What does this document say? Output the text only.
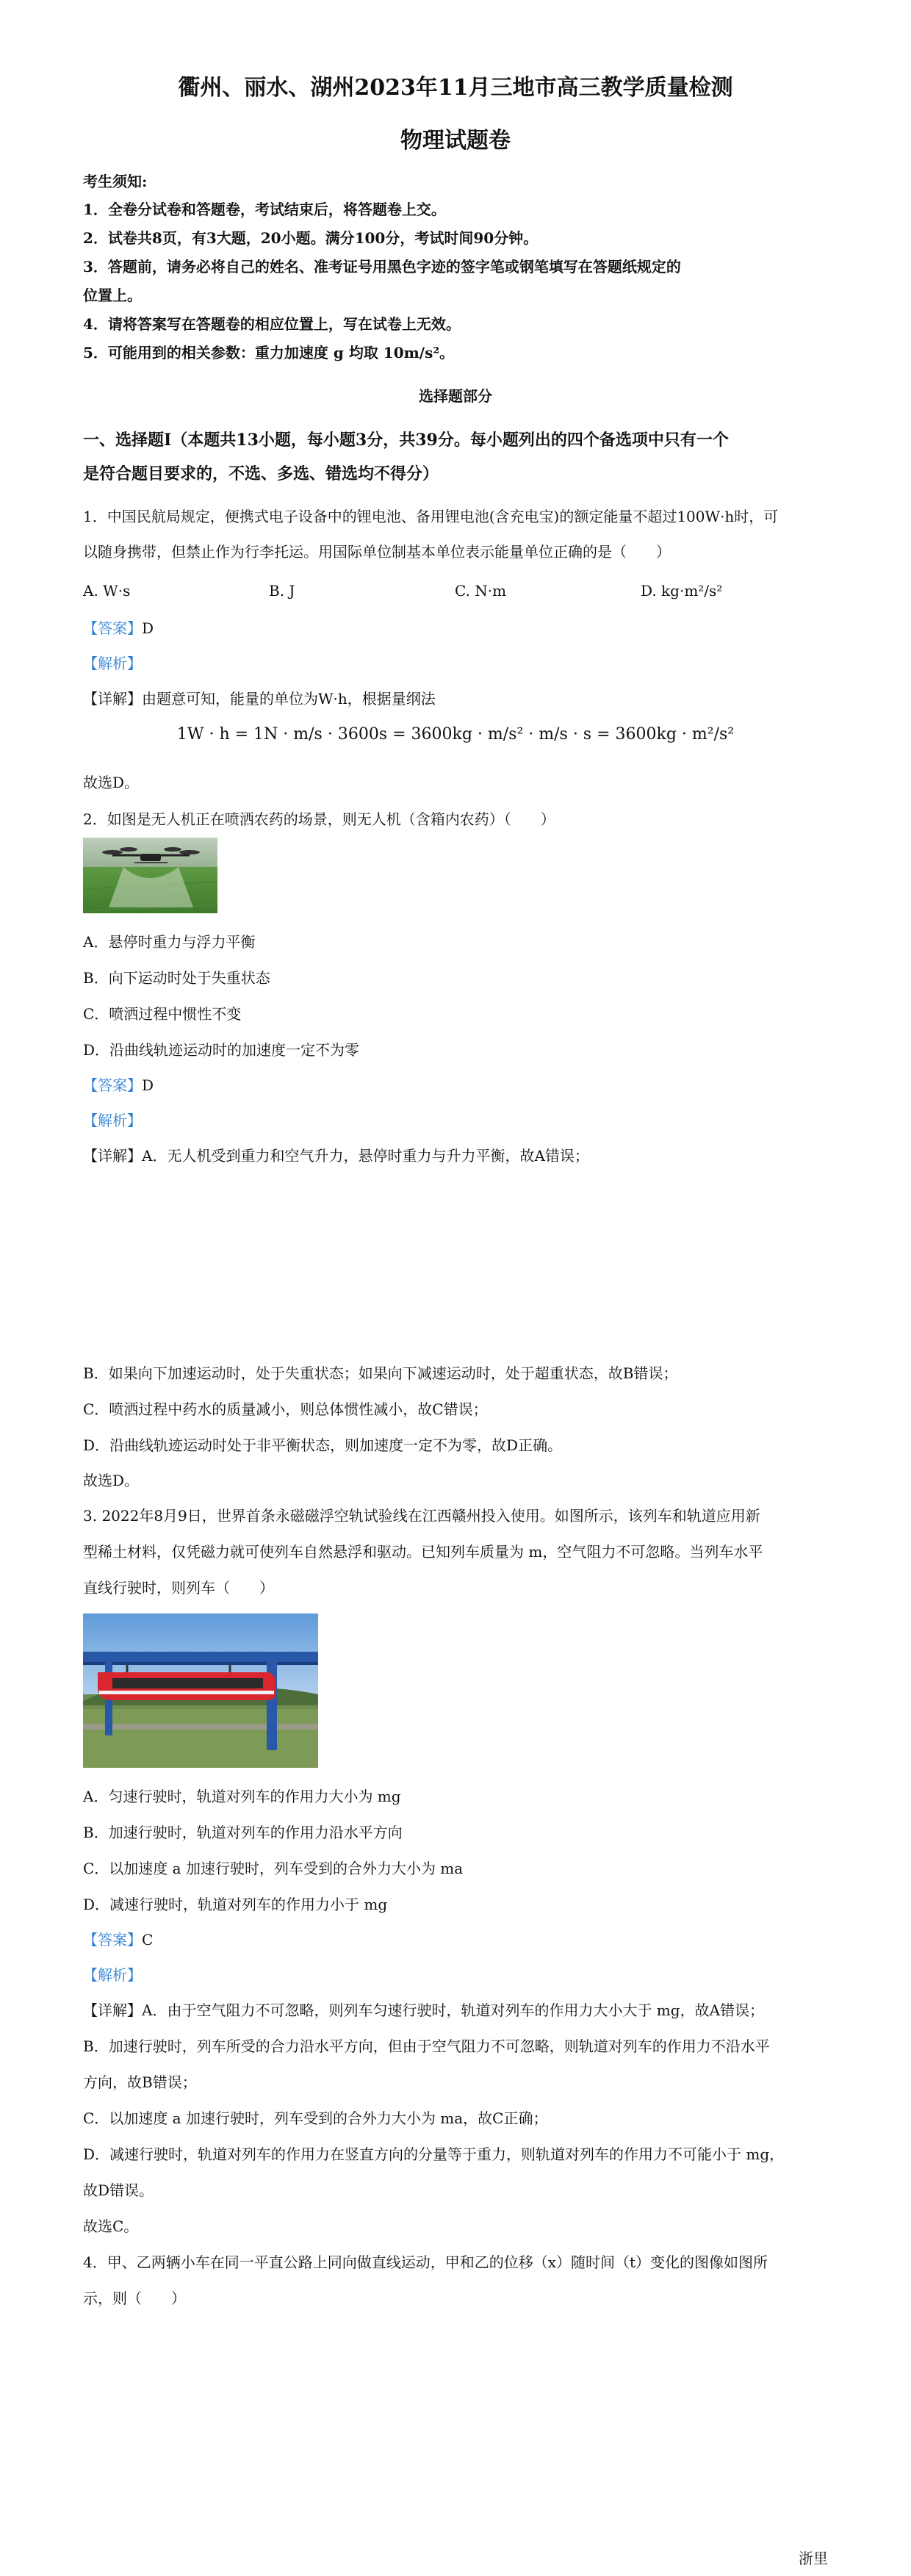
衢州、丽水、湖州2023年11月三地市高三教学质量检测
物理试题卷
考生须知:
1．全卷分试卷和答题卷，考试结束后，将答题卷上交。
2．试卷共8页，有3大题，20小题。满分100分，考试时间90分钟。
3．答题前，请务必将自己的姓名、准考证号用黑色字迹的签字笔或钢笔填写在答题纸规定的
位置上。
4．请将答案写在答题卷的相应位置上，写在试卷上无效。
5．可能用到的相关参数：重力加速度 g 均取 10m/s²。
选择题部分
一、选择题Ⅰ（本题共13小题，每小题3分，共39分。每小题列出的四个备选项中只有一个
是符合题目要求的，不选、多选、错选均不得分）
1．中国民航局规定，便携式电子设备中的锂电池、备用锂电池(含充电宝)的额定能量不超过100W·h时，可
以随身携带，但禁止作为行李托运。用国际单位制基本单位表示能量单位正确的是（　　）
A. W·s	B. J	C. N·m	D. kg·m²/s²
【答案】D
【解析】
【详解】由题意可知，能量的单位为W·h，根据量纲法
1W · h = 1N · m/s · 3600s = 3600kg · m/s² · m/s · s = 3600kg · m²/s²
故选D。
2．如图是无人机正在喷洒农药的场景，则无人机（含箱内农药）（　　）
A．悬停时重力与浮力平衡
B．向下运动时处于失重状态
C．喷洒过程中惯性不变
D．沿曲线轨迹运动时的加速度一定不为零
【答案】D
【解析】
【详解】A．无人机受到重力和空气升力，悬停时重力与升力平衡，故A错误；
B．如果向下加速运动时，处于失重状态；如果向下减速运动时，处于超重状态，故B错误；
C．喷洒过程中药水的质量减小，则总体惯性减小，故C错误；
D．沿曲线轨迹运动时处于非平衡状态，则加速度一定不为零，故D正确。
故选D。
3. 2022年8月9日，世界首条永磁磁浮空轨试验线在江西赣州投入使用。如图所示，该列车和轨道应用新
型稀土材料，仅凭磁力就可使列车自然悬浮和驱动。已知列车质量为 m，空气阻力不可忽略。当列车水平
直线行驶时，则列车（　　）
A．匀速行驶时，轨道对列车的作用力大小为 mg
B．加速行驶时，轨道对列车的作用力沿水平方向
C．以加速度 a 加速行驶时，列车受到的合外力大小为 ma
D．减速行驶时，轨道对列车的作用力小于 mg
【答案】C
【解析】
【详解】A．由于空气阻力不可忽略，则列车匀速行驶时，轨道对列车的作用力大小大于 mg，故A错误；
B．加速行驶时，列车所受的合力沿水平方向，但由于空气阻力不可忽略，则轨道对列车的作用力不沿水平
方向，故B错误；
C．以加速度 a 加速行驶时，列车受到的合外力大小为 ma，故C正确；
D．减速行驶时，轨道对列车的作用力在竖直方向的分量等于重力，则轨道对列车的作用力不可能小于 mg，
故D错误。
故选C。
4．甲、乙两辆小车在同一平直公路上同向做直线运动，甲和乙的位移（x）随时间（t）变化的图像如图所
示，则（　　）
浙里
